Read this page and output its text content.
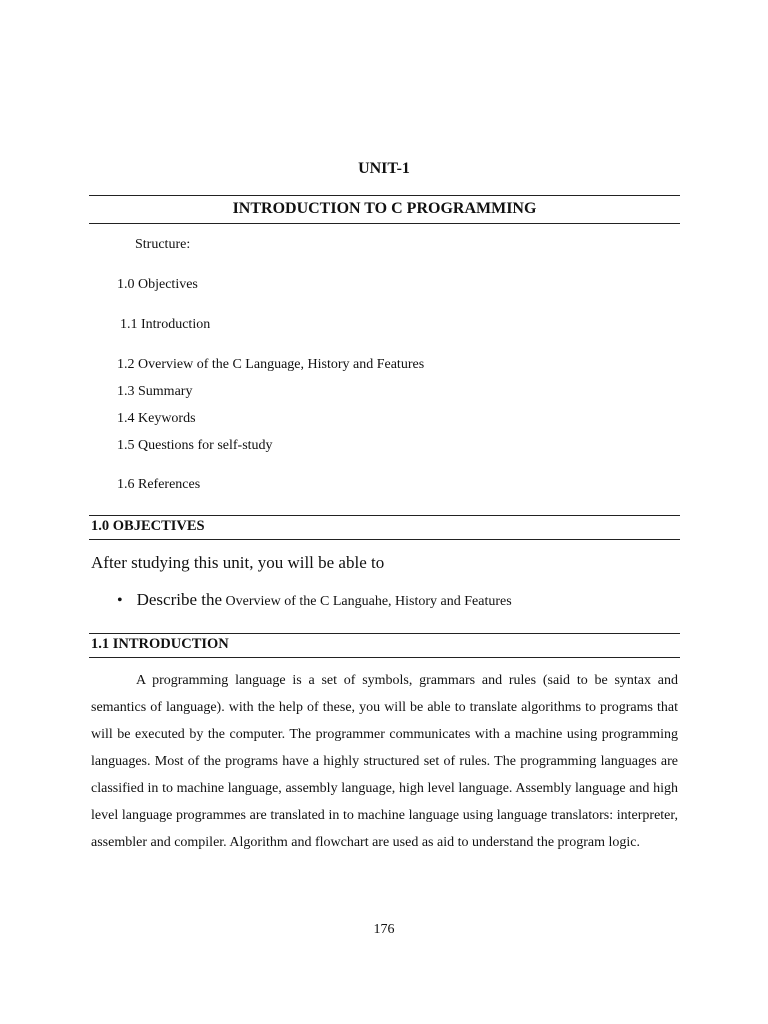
UNIT-1
INTRODUCTION TO C PROGRAMMING
Structure:
1.0 Objectives
1.1 Introduction
1.2 Overview of the C Language, History and Features
1.3 Summary
1.4 Keywords
1.5 Questions for self-study
1.6 References
1.0 OBJECTIVES
After studying this unit, you will be able to
• Describe the Overview of the C Languahe, History and Features
1.1 INTRODUCTION

A programming language is a set of symbols, grammars and rules (said to be syntax and semantics of language). with the help of these, you will be able to translate algorithms to programs that will be executed by the computer. The programmer communicates with a machine using programming languages. Most of the programs have a highly structured set of rules. The programming languages are classified in to machine language, assembly language, high level language. Assembly language and high level language programmes are translated in to machine language using language translators: interpreter, assembler and compiler. Algorithm and flowchart are used as aid to understand the program logic.

176
